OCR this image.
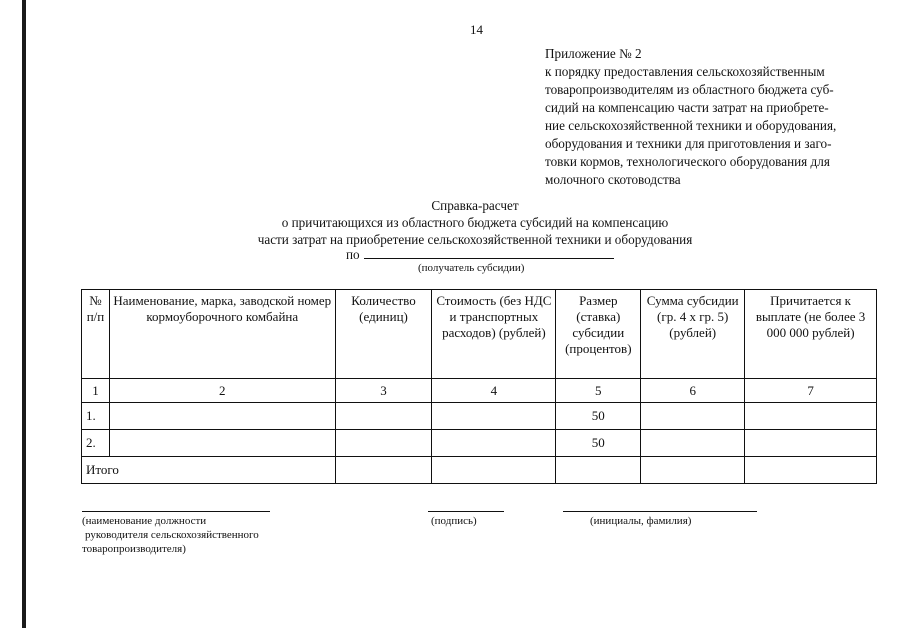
14
Приложение № 2
к порядку предоставления сельскохозяйственным
товаропроизводителям из областного бюджета суб-
сидий на компенсацию части затрат на приобрете-
ние сельскохозяйственной техники и оборудования,
оборудования и техники для приготовления и заго-
товки кормов, технологического оборудования для
молочного скотоводства
Справка-расчет
о причитающихся из областного бюджета субсидий на компенсацию
части затрат на приобретение сельскохозяйственной техники и оборудования
по
(получатель субсидии)
№ п/п	Наименование, марка, заводской номер кормоуборочного комбайна	Количество (единиц)	Стоимость (без НДС и транспортных расходов) (рублей)	Размер (ставка) субсидии (процентов)	Сумма субсидии (гр. 4 х гр. 5) (рублей)	Причитается к выплате (не более 3 000 000 рублей)
1	2	3	4	5	6	7
1.				50		
2.				50		
Итого						
(наименование должности
руководителя сельскохозяйственного
товаропроизводителя)
(подпись)	(инициалы, фамилия)
